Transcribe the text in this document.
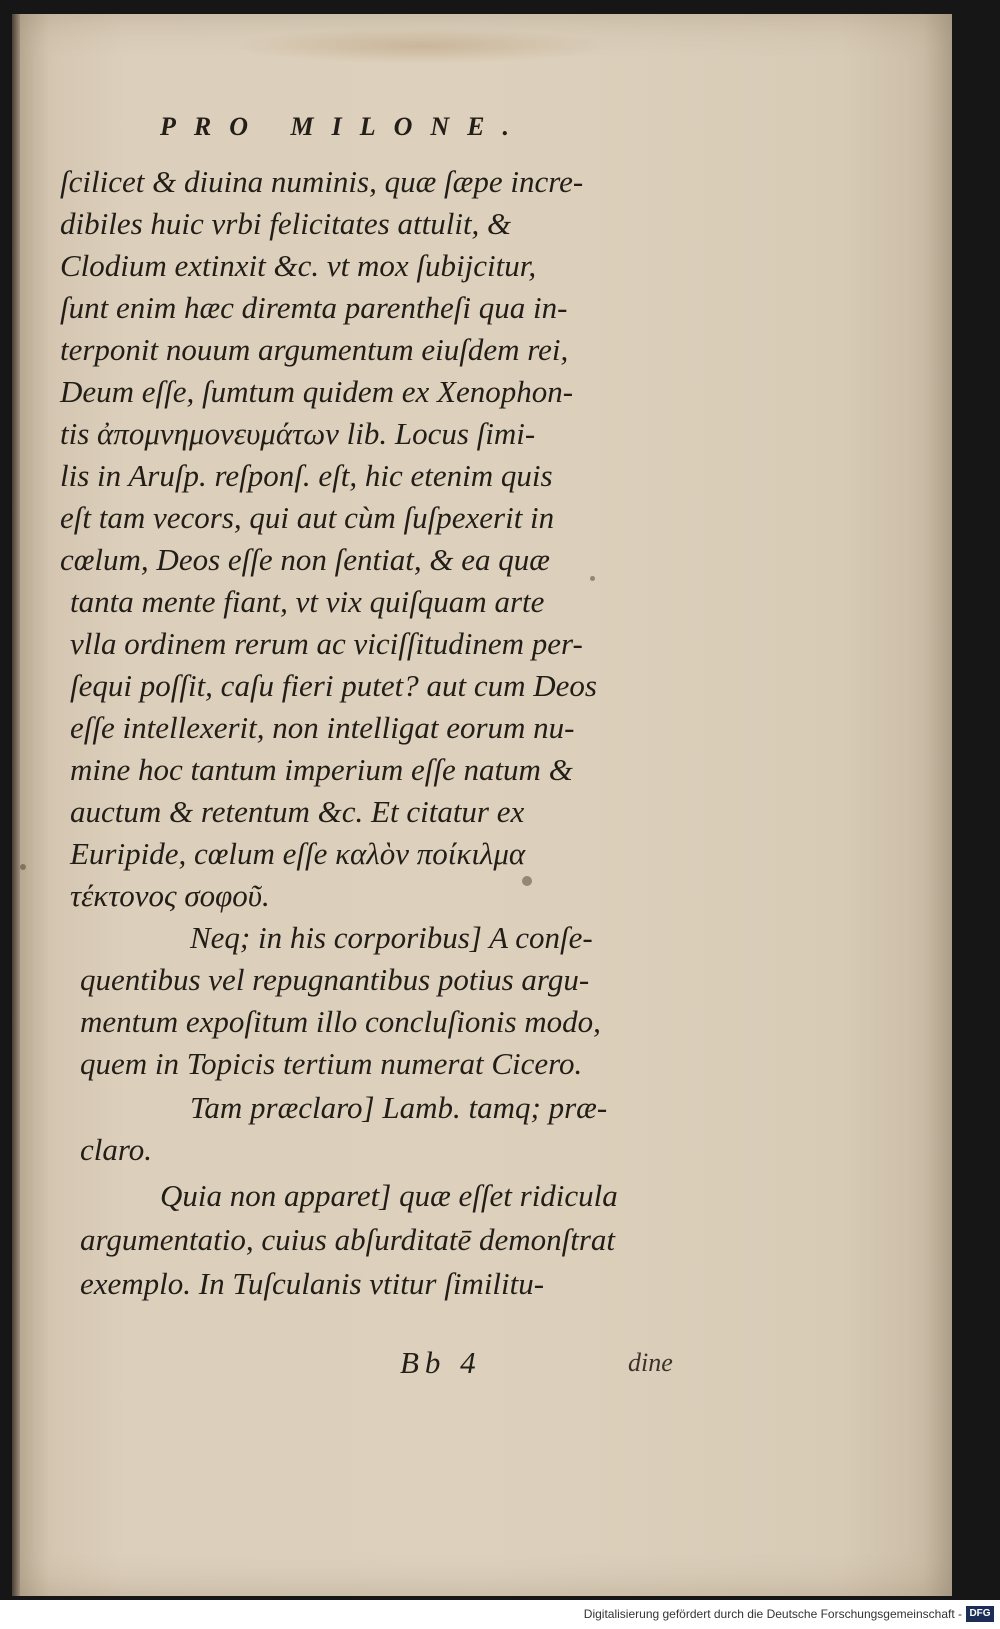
PRO MILONE.
ſcilicet & diuina numinis, quæ ſæpe incre-
dibiles huic vrbi felicitates attulit, &
Clodium extinxit &c. vt mox ſubijcitur,
ſunt enim hæc diremta parentheſi qua in-
terponit nouum argumentum eiuſdem rei,
Deum eſſe, ſumtum quidem ex Xenophon-
tis ἀπομνημονευμάτων lib. Locus ſimi-
lis in Aruſp. reſponſ. eſt, hic etenim quis
eſt tam vecors, qui aut cùm ſuſpexerit in
cœlum, Deos eſſe non ſentiat, & ea quæ
tanta mente fiant, vt vix quiſquam arte
vlla ordinem rerum ac viciſſitudinem per-
ſequi poſſit, caſu fieri putet? aut cum Deos
eſſe intellexerit, non intelligat eorum nu-
mine hoc tantum imperium eſſe natum &
auctum & retentum &c. Et citatur ex
Euripide, cœlum eſſe καλὸν ποίκιλμα
τέκτονος σοφοῦ.
Neq; in his corporibus] A conſe-
quentibus vel repugnantibus potius argu-
mentum expoſitum illo concluſionis modo,
quem in Topicis tertium numerat Cicero.
Tam præclaro] Lamb. tamq; præ-
claro.
Quia non apparet] quæ eſſet ridicula
argumentatio, cuius abſurditatē demonſtrat
exemplo. In Tuſculanis vtitur ſimilitu-
Bb 4	dine
Digitalisierung gefördert durch die Deutsche Forschungsgemeinschaft - DFG
